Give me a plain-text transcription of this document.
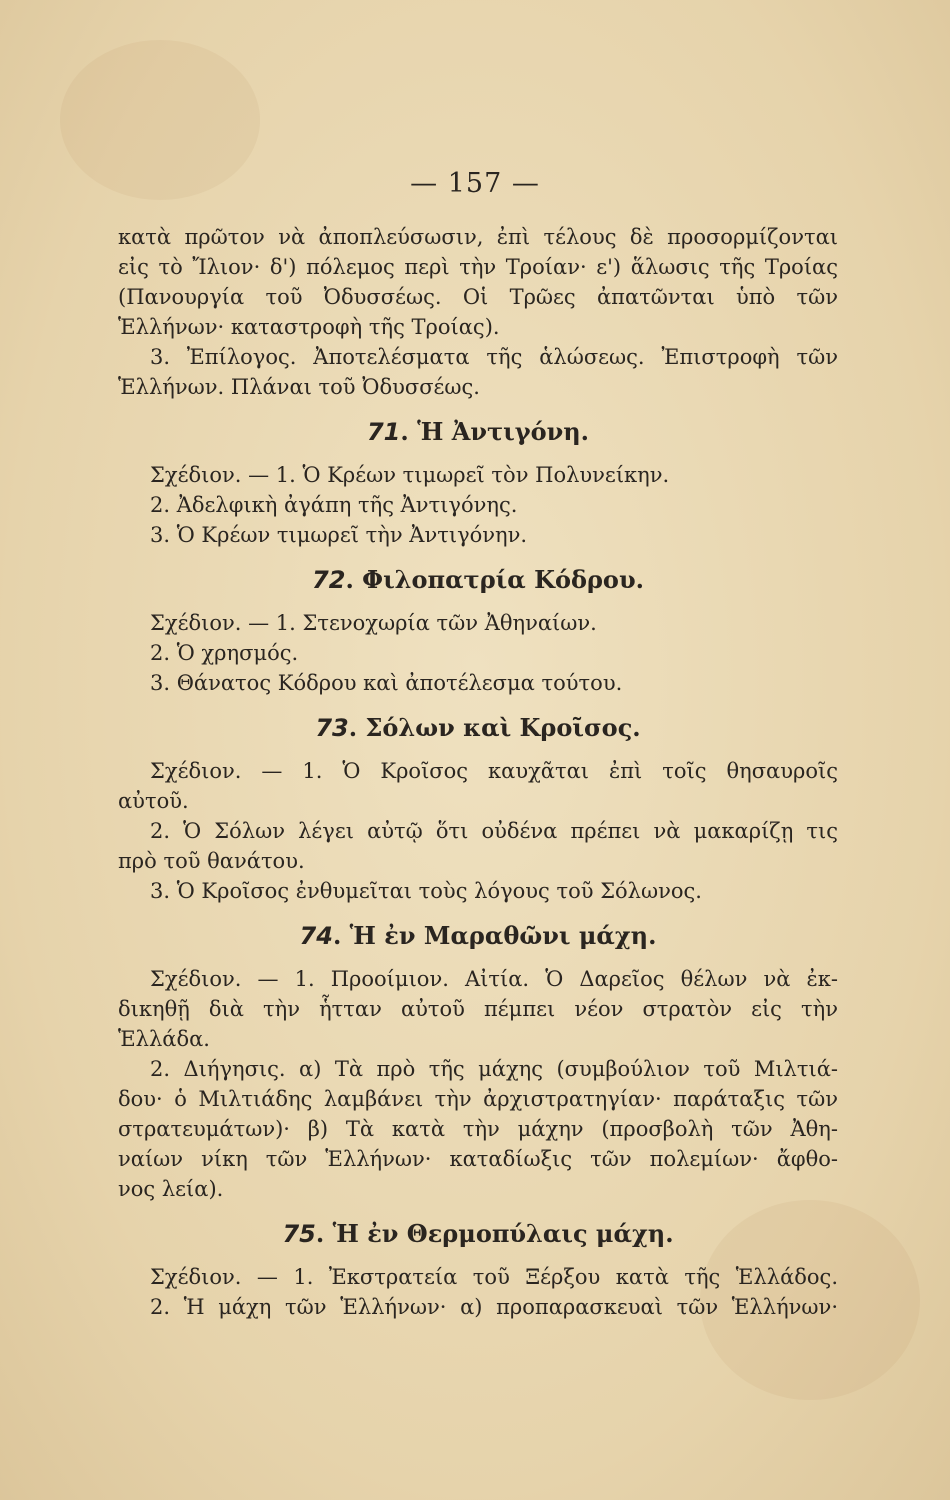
— 157 —
κατὰ πρῶτον νὰ ἀποπλεύσωσιν, ἐπὶ τέλους δὲ προσορμίζονται
εἰς τὸ Ἴλιον· δ') πόλεμος περὶ τὴν Τροίαν· ε') ἅλωσις τῆς Τροίας
(Πανουργία τοῦ Ὀδυσσέως. Οἱ Τρῶες ἀπατῶνται ὑπὸ τῶν
Ἑλλήνων· καταστροφὴ τῆς Τροίας).
3. Ἐπίλογος. Ἀποτελέσματα τῆς ἁλώσεως. Ἐπιστροφὴ τῶν
Ἑλλήνων. Πλάναι τοῦ Ὀδυσσέως.
71. Ἡ Ἀντιγόνη.
Σχέδιον. — 1. Ὁ Κρέων τιμωρεῖ τὸν Πολυνείκην.
2. Ἀδελφικὴ ἀγάπη τῆς Ἀντιγόνης.
3. Ὁ Κρέων τιμωρεῖ τὴν Ἀντιγόνην.
72. Φιλοπατρία Κόδρου.
Σχέδιον. — 1. Στενοχωρία τῶν Ἀθηναίων.
2. Ὁ χρησμός.
3. Θάνατος Κόδρου καὶ ἀποτέλεσμα τούτου.
73. Σόλων καὶ Κροῖσος.
Σχέδιον. — 1. Ὁ Κροῖσος καυχᾶται ἐπὶ τοῖς θησαυροῖς
αὐτοῦ.
2. Ὁ Σόλων λέγει αὐτῷ ὅτι οὐδένα πρέπει νὰ μακαρίζῃ τις
πρὸ τοῦ θανάτου.
3. Ὁ Κροῖσος ἐνθυμεῖται τοὺς λόγους τοῦ Σόλωνος.
74. Ἡ ἐν Μαραθῶνι μάχη.
Σχέδιον. — 1. Προοίμιον. Αἰτία. Ὁ Δαρεῖος θέλων νὰ ἐκ-
δικηθῇ διὰ τὴν ἧτταν αὐτοῦ πέμπει νέον στρατὸν εἰς τὴν
Ἑλλάδα.
2. Διήγησις. α) Τὰ πρὸ τῆς μάχης (συμβούλιον τοῦ Μιλτιά-
δου· ὁ Μιλτιάδης λαμβάνει τὴν ἀρχιστρατηγίαν· παράταξις τῶν
στρατευμάτων)· β) Τὰ κατὰ τὴν μάχην (προσβολὴ τῶν Ἀθη-
ναίων νίκη τῶν Ἑλλήνων· καταδίωξις τῶν πολεμίων· ἄφθο-
νος λεία).
75. Ἡ ἐν Θερμοπύλαις μάχη.
Σχέδιον. — 1. Ἐκστρατεία τοῦ Ξέρξου κατὰ τῆς Ἑλλάδος.
2. Ἡ μάχη τῶν Ἑλλήνων· α) προπαρασκευαὶ τῶν Ἑλλήνων·
